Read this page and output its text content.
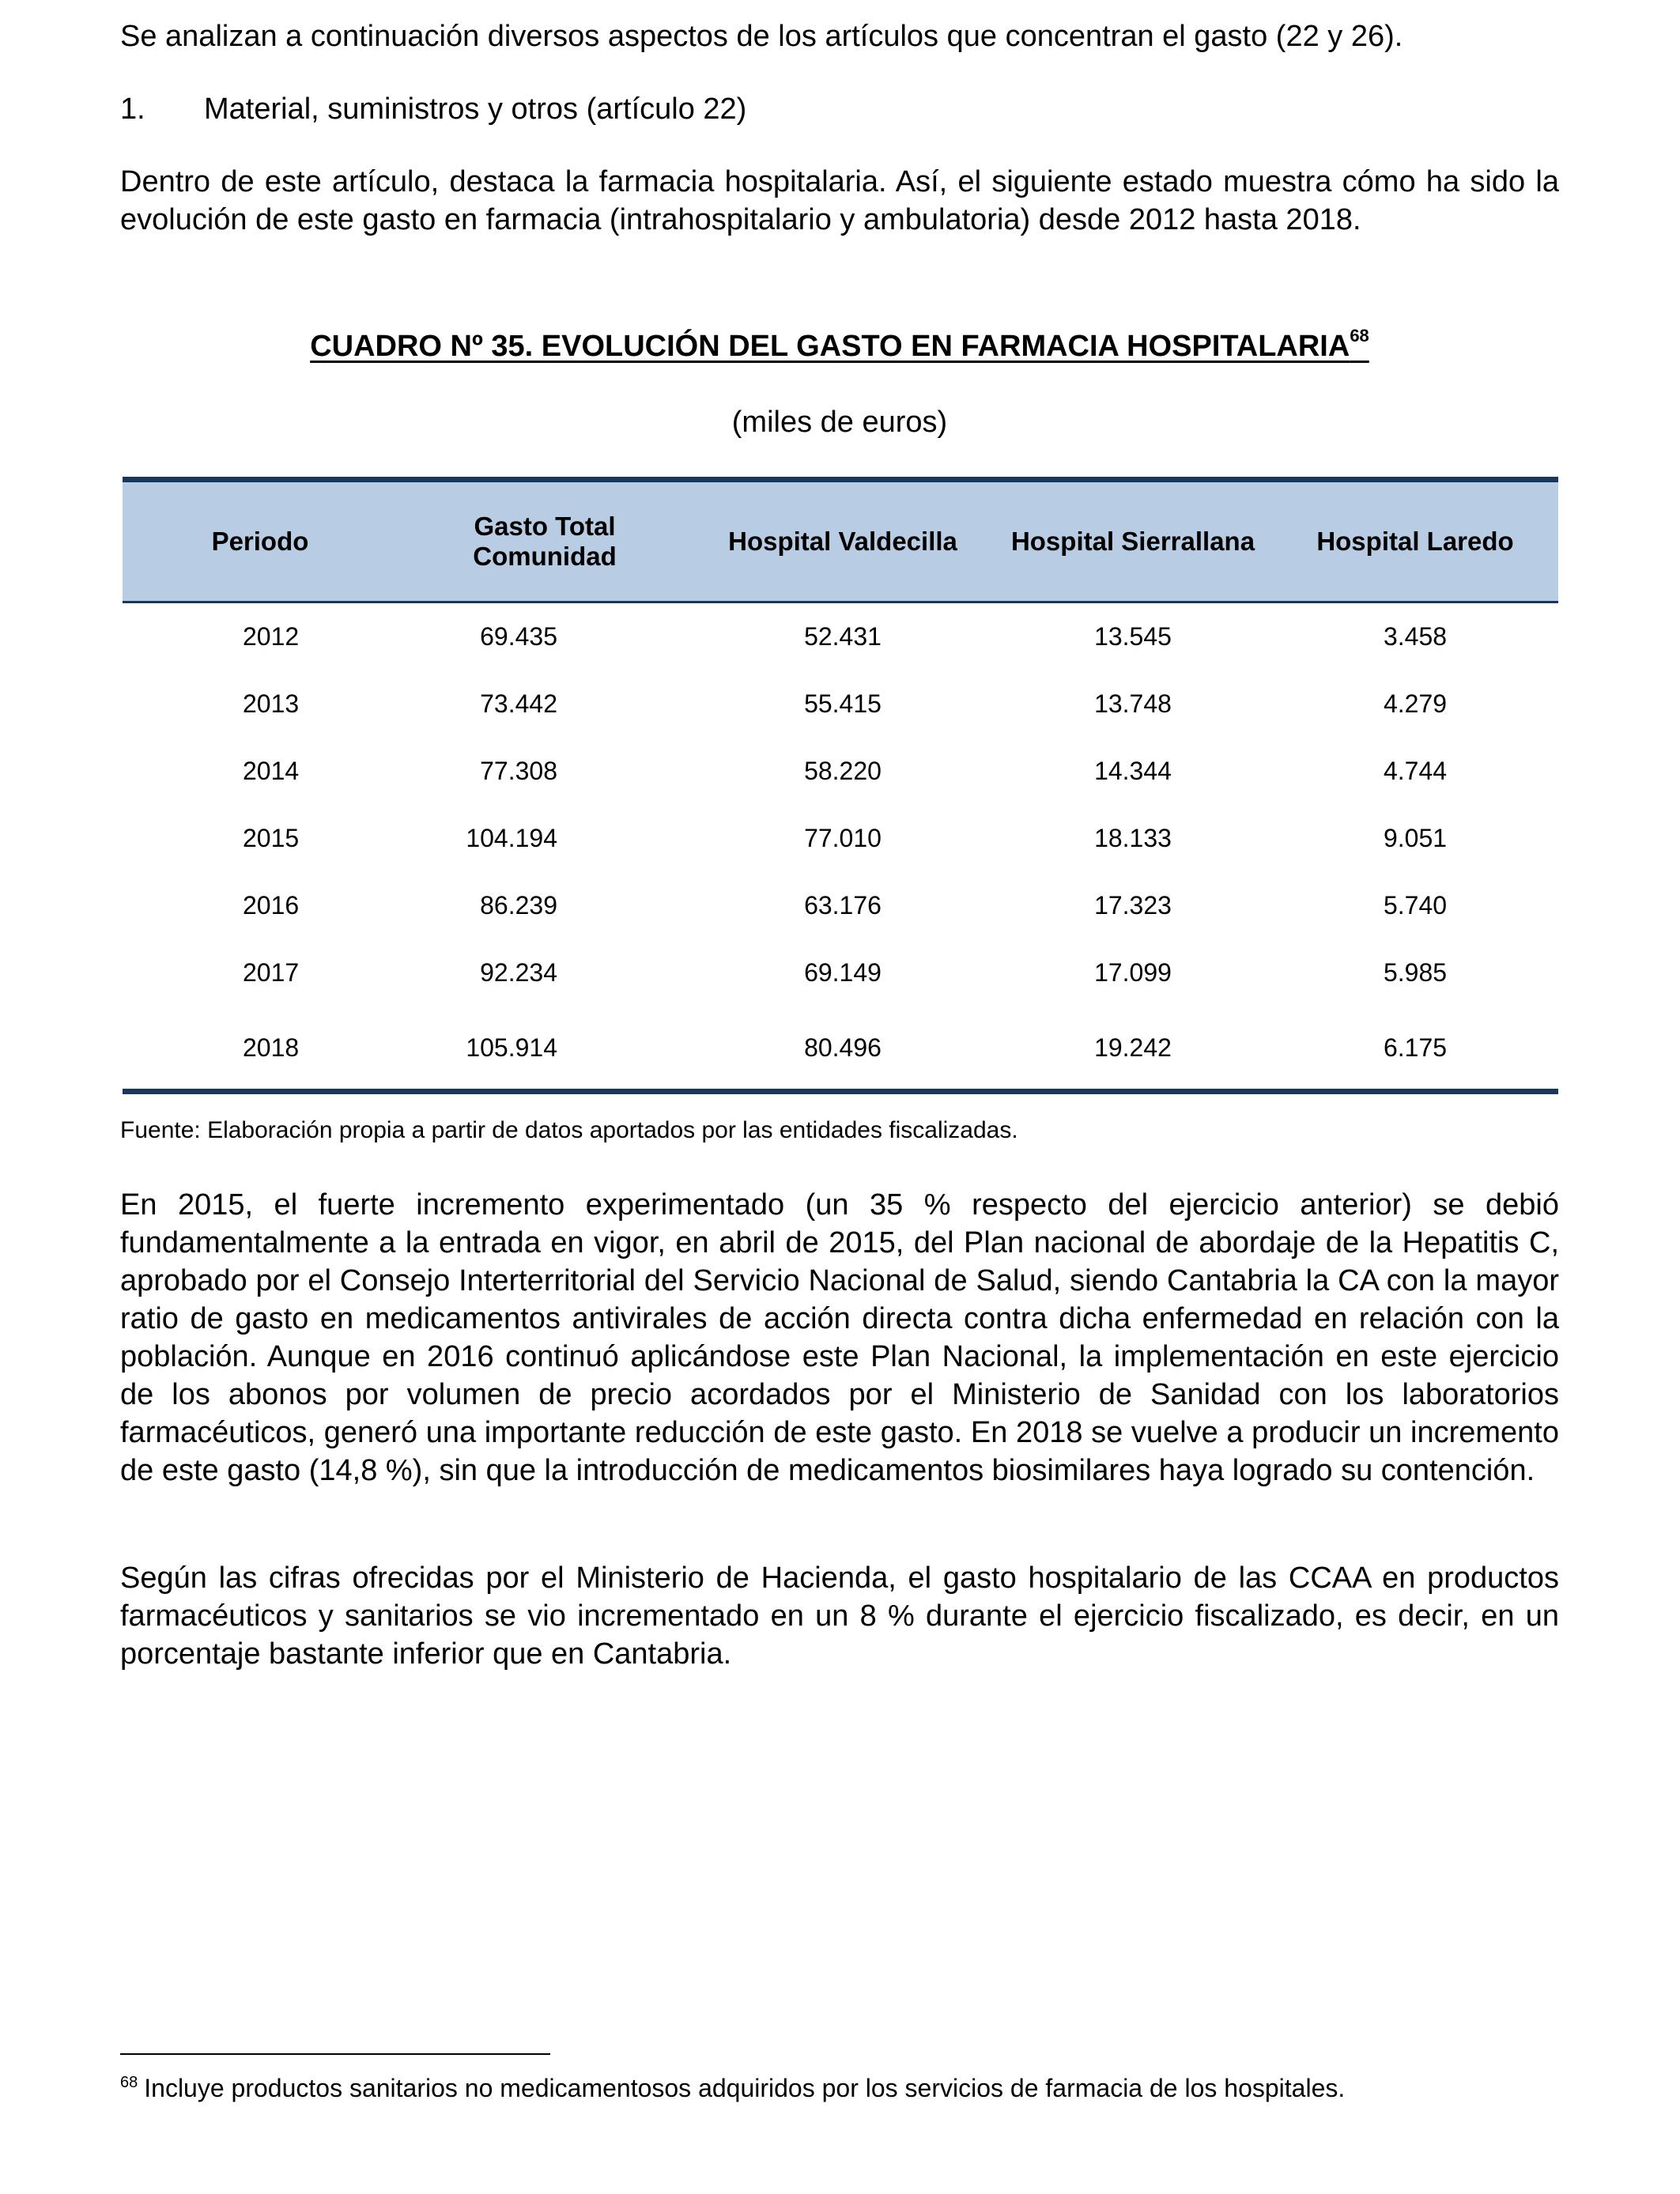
Se analizan a continuación diversos aspectos de los artículos que concentran el gasto (22 y 26).

1. Material, suministros y otros (artículo 22)

Dentro de este artículo, destaca la farmacia hospitalaria. Así, el siguiente estado muestra cómo ha sido la evolución de este gasto en farmacia (intrahospitalario y ambulatoria) desde 2012 hasta 2018.

CUADRO Nº 35. EVOLUCIÓN DEL GASTO EN FARMACIA HOSPITALARIA$^{68}$
(miles de euros)
Periodo	Gasto Total Comunidad	Hospital Valdecilla	Hospital Sierrallana	Hospital Laredo
2012	69.435	52.431	13.545	3.458
2013	73.442	55.415	13.748	4.279
2014	77.308	58.220	14.344	4.744
2015	104.194	77.010	18.133	9.051
2016	86.239	63.176	17.323	5.740
2017	92.234	69.149	17.099	5.985
2018	105.914	80.496	19.242	6.175
Fuente: Elaboración propia a partir de datos aportados por las entidades fiscalizadas.

En 2015, el fuerte incremento experimentado (un 35 % respecto del ejercicio anterior) se debió fundamentalmente a la entrada en vigor, en abril de 2015, del Plan nacional de abordaje de la Hepatitis C, aprobado por el Consejo Interterritorial del Servicio Nacional de Salud, siendo Cantabria la CA con la mayor ratio de gasto en medicamentos antivirales de acción directa contra dicha enfermedad en relación con la población. Aunque en 2016 continuó aplicándose este Plan Nacional, la implementación en este ejercicio de los abonos por volumen de precio acordados por el Ministerio de Sanidad con los laboratorios farmacéuticos, generó una importante reducción de este gasto. En 2018 se vuelve a producir un incremento de este gasto (14,8 %), sin que la introducción de medicamentos biosimilares haya logrado su contención.

Según las cifras ofrecidas por el Ministerio de Hacienda, el gasto hospitalario de las CCAA en productos farmacéuticos y sanitarios se vio incrementado en un 8 % durante el ejercicio fiscalizado, es decir, en un porcentaje bastante inferior que en Cantabria.

$^{68}$ Incluye productos sanitarios no medicamentosos adquiridos por los servicios de farmacia de los hospitales.
